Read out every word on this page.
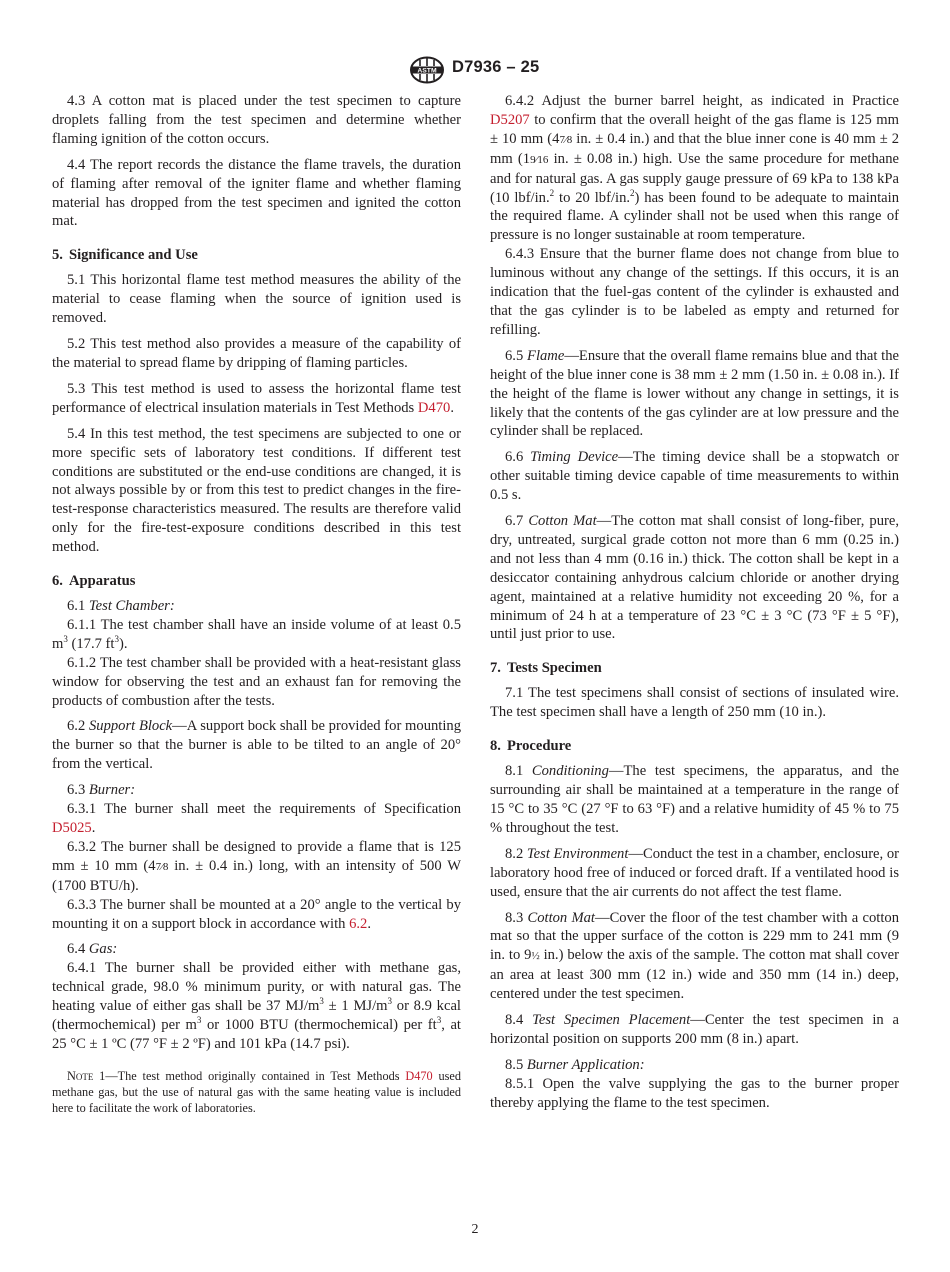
ASTM D7936 – 25

4.3 A cotton mat is placed under the test specimen to capture droplets falling from the test specimen and determine whether flaming ignition of the cotton occurs.

4.4 The report records the distance the flame travels, the duration of flaming after removal of the igniter flame and whether flaming material has dropped from the test specimen and ignited the cotton mat.

5. Significance and Use

5.1 This horizontal flame test method measures the ability of the material to cease flaming when the source of ignition used is removed.

5.2 This test method also provides a measure of the capability of the material to spread flame by dripping of flaming particles.

5.3 This test method is used to assess the horizontal flame test performance of electrical insulation materials in Test Methods D470.

5.4 In this test method, the test specimens are subjected to one or more specific sets of laboratory test conditions. If different test conditions are substituted or the end-use conditions are changed, it is not always possible by or from this test to predict changes in the fire-test-response characteristics measured. The results are therefore valid only for the fire-test-exposure conditions described in this test method.

6. Apparatus

6.1 Test Chamber:

6.1.1 The test chamber shall have an inside volume of at least 0.5 $m^3$ (17.7 $ft^3$).

6.1.2 The test chamber shall be provided with a heat-resistant glass window for observing the test and an exhaust fan for removing the products of combustion after the tests.

6.2 Support Block—A support bock shall be provided for mounting the burner so that the burner is able to be tilted to an angle of 20° from the vertical.

6.3 Burner:

6.3.1 The burner shall meet the requirements of Specification D5025.

6.3.2 The burner shall be designed to provide a flame that is 125 mm ± 10 mm (47⁄8 in. ± 0.4 in.) long, with an intensity of 500 W (1700 BTU/h).

6.3.3 The burner shall be mounted at a 20° angle to the vertical by mounting it on a support block in accordance with 6.2.

6.4 Gas:

6.4.1 The burner shall be provided either with methane gas, technical grade, 98.0 % minimum purity, or with natural gas. The heating value of either gas shall be 37 $MJ/m^3 \pm 1$ $MJ/m^3$ or 8.9 kcal (thermochemical) per $m^3$ or 1000 BTU (thermochemical) per $ft^3$, at 25 °C ± 1 ºC (77 °F ± 2 ºF) and 101 kPa (14.7 psi).

Note 1—The test method originally contained in Test Methods D470 used methane gas, but the use of natural gas with the same heating value is included here to facilitate the work of laboratories.

6.4.2 Adjust the burner barrel height, as indicated in Practice D5207 to confirm that the overall height of the gas flame is 125 mm ± 10 mm (47⁄8 in. ± 0.4 in.) and that the blue inner cone is 40 mm ± 2 mm (19⁄16 in. ± 0.08 in.) high. Use the same procedure for methane and for natural gas. A gas supply gauge pressure of 69 kPa to 138 kPa (10 lbf/in.$^2$ to 20 lbf/in.$^2$) has been found to be adequate to maintain the required flame. A cylinder shall not be used when this range of pressure is no longer sustainable at room temperature.

6.4.3 Ensure that the burner flame does not change from blue to luminous without any change of the settings. If this occurs, it is an indication that the fuel-gas content of the cylinder is exhausted and that the gas cylinder is to be labeled as empty and returned for refilling.

6.5 Flame—Ensure that the overall flame remains blue and that the height of the blue inner cone is 38 mm ± 2 mm (1.50 in. ± 0.08 in.). If the height of the flame is lower without any change in settings, it is likely that the contents of the gas cylinder are at low pressure and the cylinder shall be replaced.

6.6 Timing Device—The timing device shall be a stopwatch or other suitable timing device capable of time measurements to within 0.5 s.

6.7 Cotton Mat—The cotton mat shall consist of long-fiber, pure, dry, untreated, surgical grade cotton not more than 6 mm (0.25 in.) and not less than 4 mm (0.16 in.) thick. The cotton shall be kept in a desiccator containing anhydrous calcium chloride or another drying agent, maintained at a relative humidity not exceeding 20 %, for a minimum of 24 h at a temperature of 23 °C ± 3 °C (73 °F ± 5 °F), until just prior to use.

7. Tests Specimen

7.1 The test specimens shall consist of sections of insulated wire. The test specimen shall have a length of 250 mm (10 in.).

8. Procedure

8.1 Conditioning—The test specimens, the apparatus, and the surrounding air shall be maintained at a temperature in the range of 15 °C to 35 °C (27 °F to 63 °F) and a relative humidity of 45 % to 75 % throughout the test.

8.2 Test Environment—Conduct the test in a chamber, enclosure, or laboratory hood free of induced or forced draft. If a ventilated hood is used, ensure that the air currents do not affect the test flame.

8.3 Cotton Mat—Cover the floor of the test chamber with a cotton mat so that the upper surface of the cotton is 229 mm to 241 mm (9 in. to 9½ in.) below the axis of the sample. The cotton mat shall cover an area at least 300 mm (12 in.) wide and 350 mm (14 in.) deep, centered under the test specimen.

8.4 Test Specimen Placement—Center the test specimen in a horizontal position on supports 200 mm (8 in.) apart.

8.5 Burner Application:

8.5.1 Open the valve supplying the gas to the burner proper thereby applying the flame to the test specimen.

2
